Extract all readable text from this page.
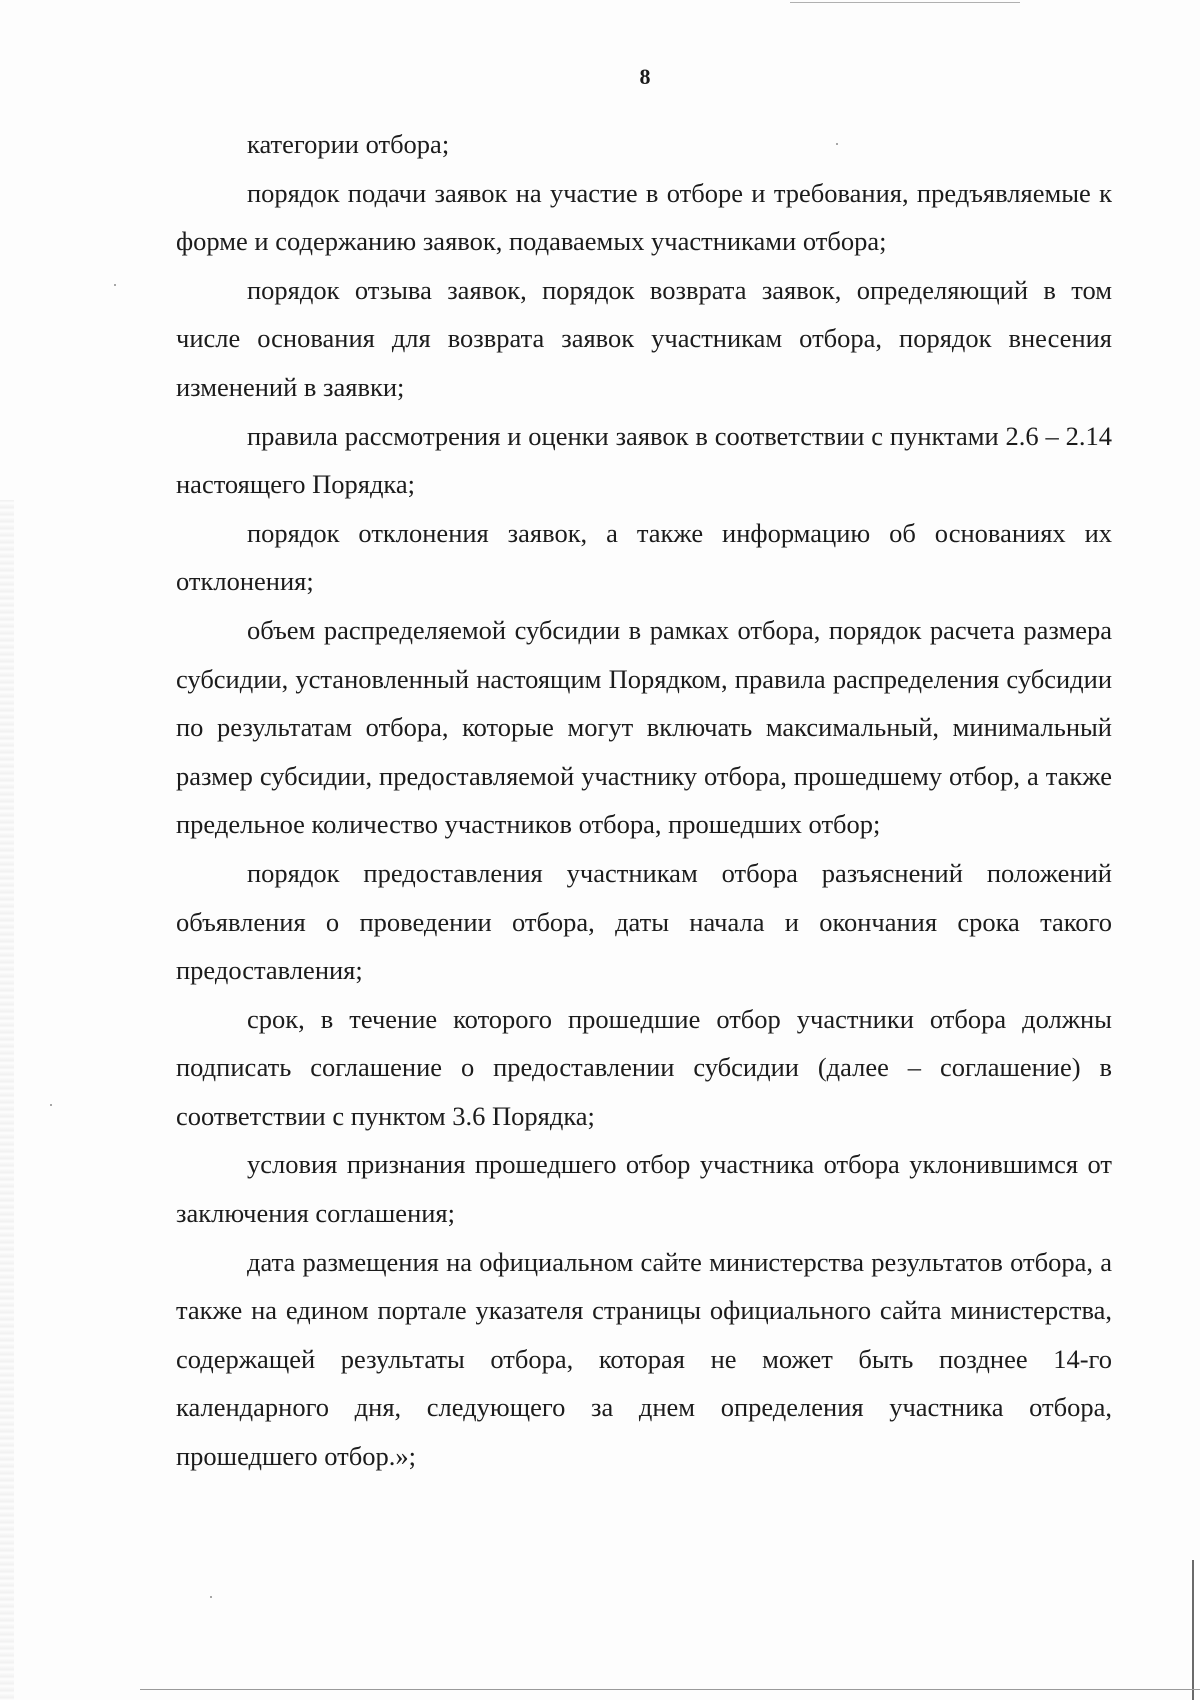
8

категории отбора;

порядок подачи заявок на участие в отборе и требования, предъявляемые к форме и содержанию заявок, подаваемых участниками отбора;

порядок отзыва заявок, порядок возврата заявок, определяющий в том числе основания для возврата заявок участникам отбора, порядок внесения изменений в заявки;

правила рассмотрения и оценки заявок в соответствии с пунктами 2.6 – 2.14 настоящего Порядка;

порядок отклонения заявок, а также информацию об основаниях их отклонения;

объем распределяемой субсидии в рамках отбора, порядок расчета размера субсидии, установленный настоящим Порядком, правила распределения субсидии по результатам отбора, которые могут включать максимальный, минимальный размер субсидии, предоставляемой участнику отбора, прошедшему отбор, а также предельное количество участников отбора, прошедших отбор;

порядок предоставления участникам отбора разъяснений положений объявления о проведении отбора, даты начала и окончания срока такого предоставления;

срок, в течение которого прошедшие отбор участники отбора должны подписать соглашение о предоставлении субсидии (далее – соглашение) в соответствии с пунктом 3.6 Порядка;

условия признания прошедшего отбор участника отбора уклонившимся от заключения соглашения;

дата размещения на официальном сайте министерства результатов отбора, а также на едином портале указателя страницы официального сайта министерства, содержащей результаты отбора, которая не может быть позднее 14-го календарного дня, следующего за днем определения участника отбора, прошедшего отбор.»;
